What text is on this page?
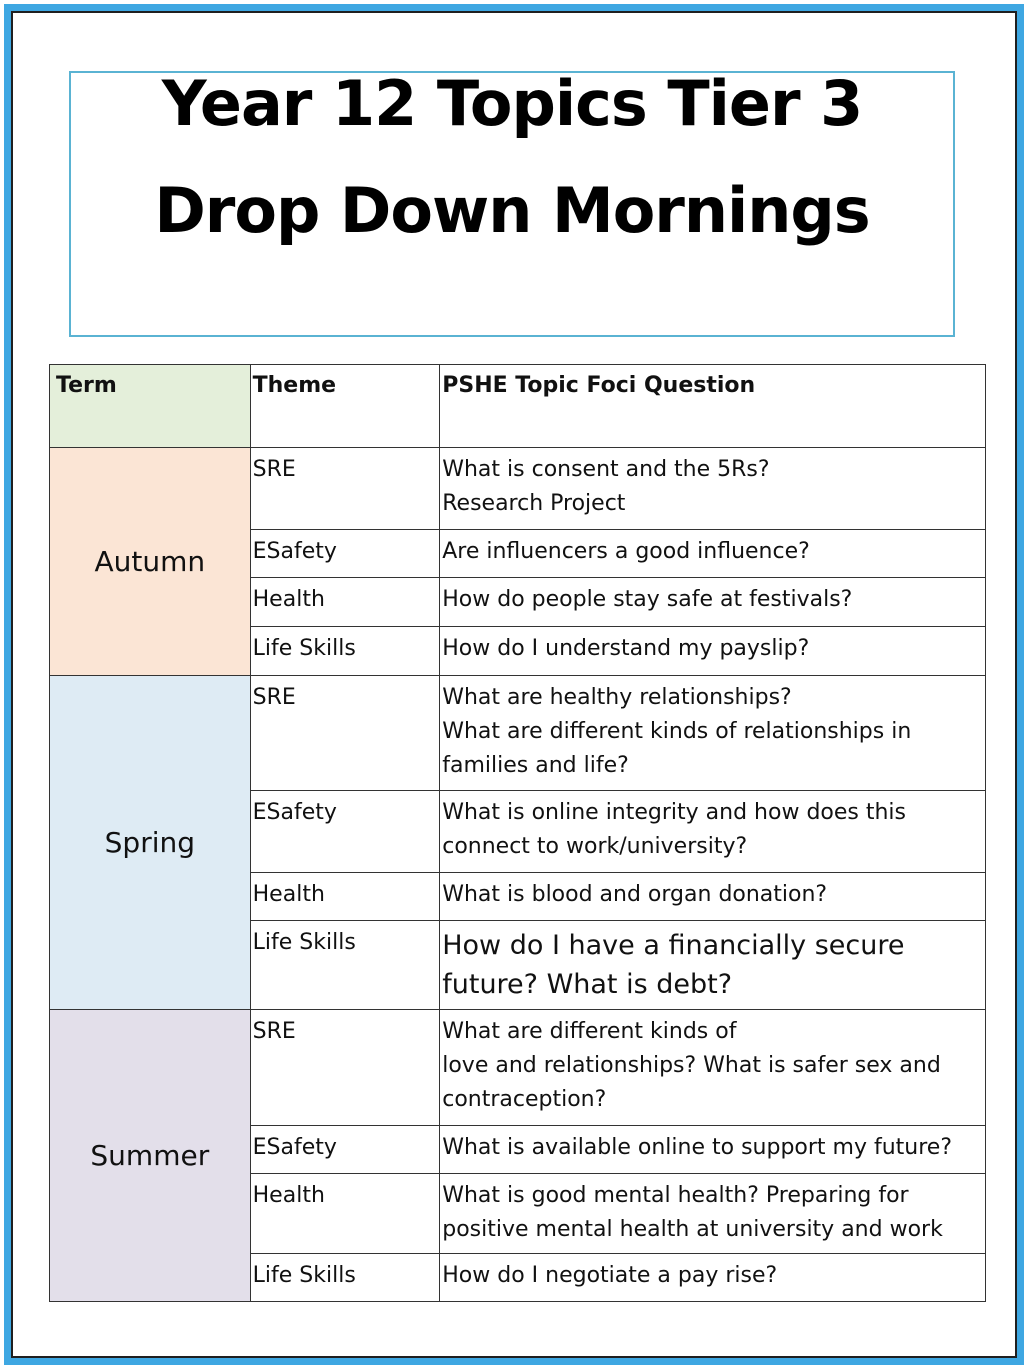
Year 12 Topics Tier 3
Drop Down Mornings
Term	Theme	PSHE Topic Foci Question
Autumn	SRE	What is consent and the 5Rs?
Research Project

	ESafety	Are influencers a good influence?

	Health	How do people stay safe at festivals?

	Life Skills	How do I understand my payslip?

Spring	SRE	What are healthy relationships?
What are different kinds of relationships in
families and life?

	ESafety	What is online integrity and how does this
connect to work/university?

	Health	What is blood and organ donation?

	Life Skills	How do I have a financially secure
future? What is debt?

Summer	SRE	What are different kinds of
love and relationships? What is safer sex and
contraception?

	ESafety	What is available online to support my future?

	Health	What is good mental health? Preparing for
positive mental health at university and work

	Life Skills	How do I negotiate a pay rise?
